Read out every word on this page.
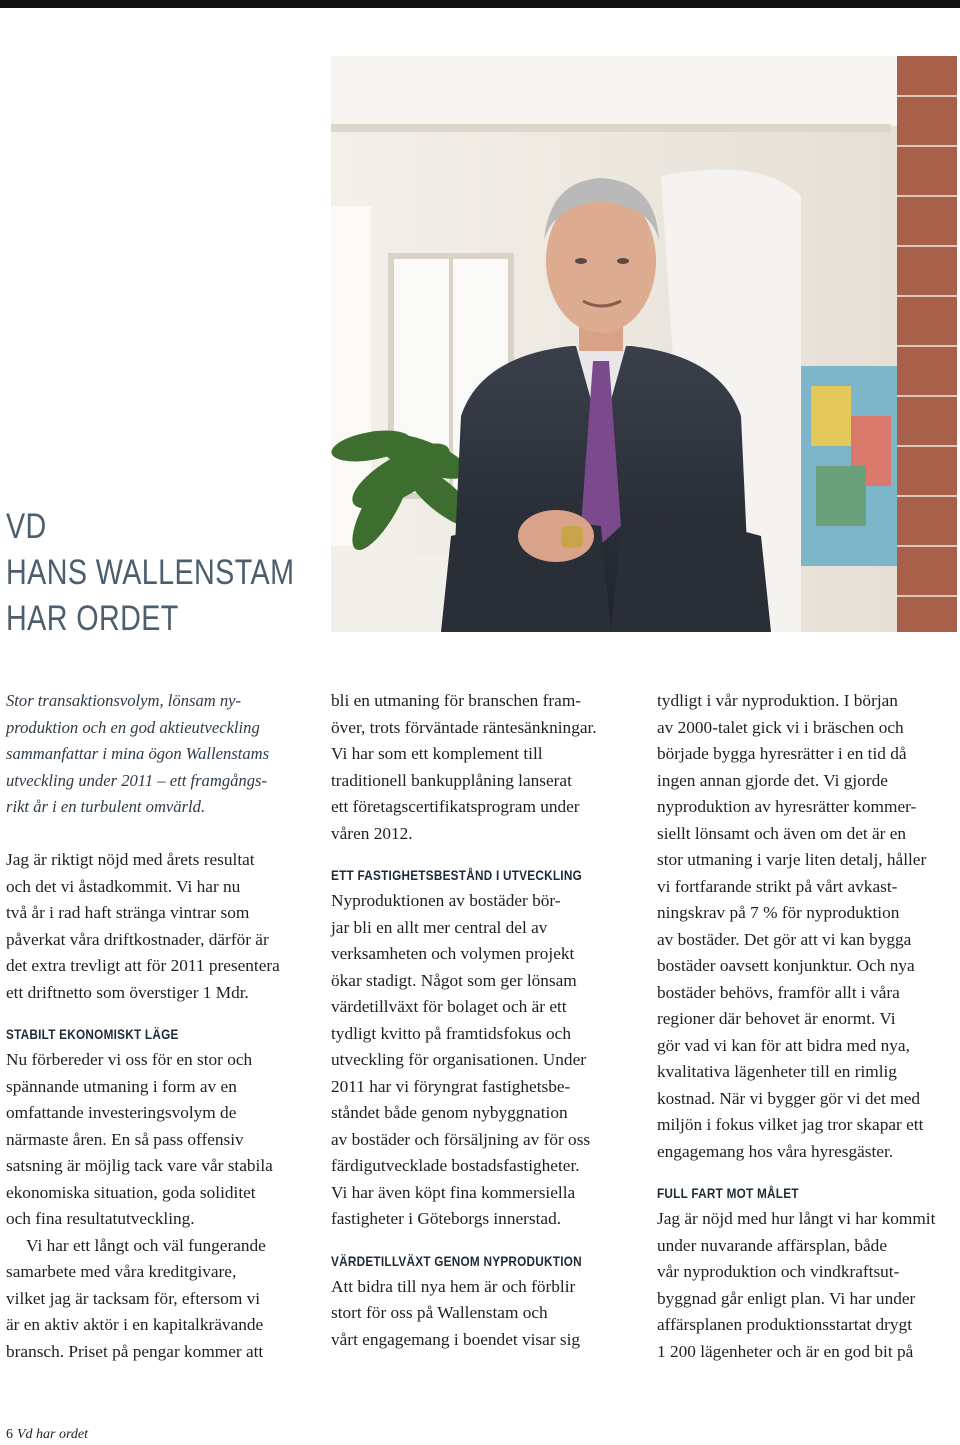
VD
HANS WALLENSTAM
HAR ORDET

Stor transaktionsvolym, lönsam ny-
produktion och en god aktieutveckling
sammanfattar i mina ögon Wallenstams
utveckling under 2011 – ett framgångs-
rikt år i en turbulent omvärld.

Jag är riktigt nöjd med årets resultat
och det vi åstadkommit. Vi har nu
två år i rad haft stränga vintrar som
påverkat våra driftkostnader, därför är
det extra trevligt att för 2011 presentera
ett driftnetto som överstiger 1 Mdr.

STABILT EKONOMISKT LÄGE

Nu förbereder vi oss för en stor och
spännande utmaning i form av en
omfattande investeringsvolym de
närmaste åren. En så pass offensiv
satsning är möjlig tack vare vår stabila
ekonomiska situation, goda soliditet
och fina resultatutveckling.

Vi har ett långt och väl fungerande
samarbete med våra kreditgivare,
vilket jag är tacksam för, eftersom vi
är en aktiv aktör i en kapitalkrävande
bransch. Priset på pengar kommer att

bli en utmaning för branschen fram-
över, trots förväntade räntesänkningar.
Vi har som ett komplement till
traditionell bankupplåning lanserat
ett företagscertifikatsprogram under
våren 2012.

ETT FASTIGHETSBESTÅND I UTVECKLING

Nyproduktionen av bostäder bör-
jar bli en allt mer central del av
verksamheten och volymen projekt
ökar stadigt. Något som ger lönsam
värdetillväxt för bolaget och är ett
tydligt kvitto på framtidsfokus och
utveckling för organisationen. Under
2011 har vi föryngrat fastighetsbe-
ståndet både genom nybyggnation
av bostäder och försäljning av för oss
färdigutvecklade bostadsfastigheter.
Vi har även köpt fina kommersiella
fastigheter i Göteborgs innerstad.

VÄRDETILLVÄXT GENOM NYPRODUKTION

Att bidra till nya hem är och förblir
stort för oss på Wallenstam och
vårt engagemang i boendet visar sig

tydligt i vår nyproduktion. I början
av 2000-talet gick vi i bräschen och
började bygga hyresrätter i en tid då
ingen annan gjorde det. Vi gjorde
nyproduktion av hyresrätter kommer-
siellt lönsamt och även om det är en
stor utmaning i varje liten detalj, håller
vi fortfarande strikt på vårt avkast-
ningskrav på 7 % för nyproduktion
av bostäder. Det gör att vi kan bygga
bostäder oavsett konjunktur. Och nya
bostäder behövs, framför allt i våra
regioner där behovet är enormt. Vi
gör vad vi kan för att bidra med nya,
kvalitativa lägenheter till en rimlig
kostnad. När vi bygger gör vi det med
miljön i fokus vilket jag tror skapar ett
engagemang hos våra hyresgäster.

FULL FART MOT MÅLET

Jag är nöjd med hur långt vi har kommit
under nuvarande affärsplan, både
vår nyproduktion och vindkraftsut-
byggnad går enligt plan. Vi har under
affärsplanen produktionsstartat drygt
1 200 lägenheter och är en god bit på

6 Vd har ordet
